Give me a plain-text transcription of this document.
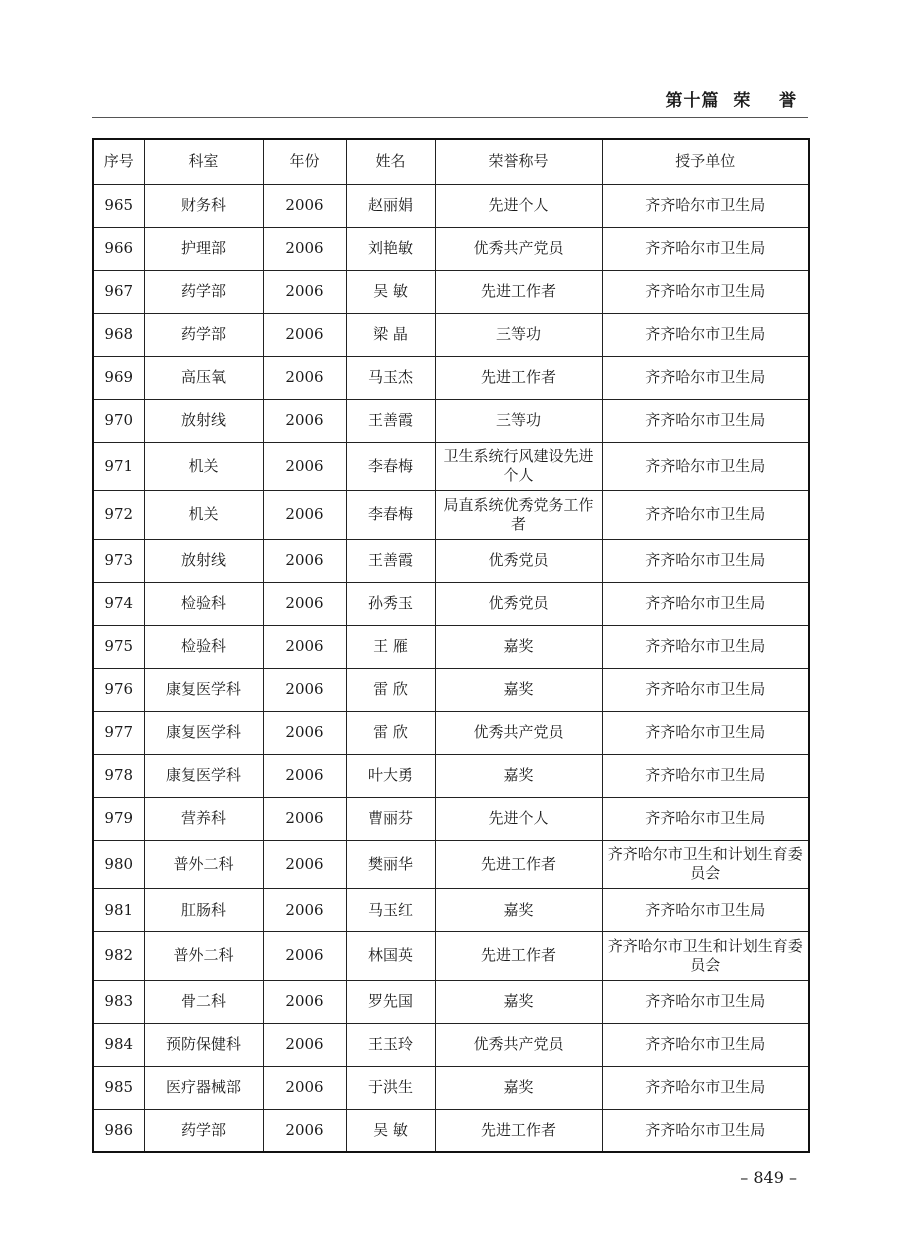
第十篇  荣    誉
序号	科室	年份	姓名	荣誉称号	授予单位
965	财务科	2006	赵丽娟	先进个人	齐齐哈尔市卫生局
966	护理部	2006	刘艳敏	优秀共产党员	齐齐哈尔市卫生局
967	药学部	2006	吴 敏	先进工作者	齐齐哈尔市卫生局
968	药学部	2006	梁 晶	三等功	齐齐哈尔市卫生局
969	高压氧	2006	马玉杰	先进工作者	齐齐哈尔市卫生局
970	放射线	2006	王善霞	三等功	齐齐哈尔市卫生局
971	机关	2006	李春梅	卫生系统行风建设先进个人	齐齐哈尔市卫生局
972	机关	2006	李春梅	局直系统优秀党务工作者	齐齐哈尔市卫生局
973	放射线	2006	王善霞	优秀党员	齐齐哈尔市卫生局
974	检验科	2006	孙秀玉	优秀党员	齐齐哈尔市卫生局
975	检验科	2006	王 雁	嘉奖	齐齐哈尔市卫生局
976	康复医学科	2006	雷 欣	嘉奖	齐齐哈尔市卫生局
977	康复医学科	2006	雷 欣	优秀共产党员	齐齐哈尔市卫生局
978	康复医学科	2006	叶大勇	嘉奖	齐齐哈尔市卫生局
979	营养科	2006	曹丽芬	先进个人	齐齐哈尔市卫生局
980	普外二科	2006	樊丽华	先进工作者	齐齐哈尔市卫生和计划生育委员会
981	肛肠科	2006	马玉红	嘉奖	齐齐哈尔市卫生局
982	普外二科	2006	林国英	先进工作者	齐齐哈尔市卫生和计划生育委员会
983	骨二科	2006	罗先国	嘉奖	齐齐哈尔市卫生局
984	预防保健科	2006	王玉玲	优秀共产党员	齐齐哈尔市卫生局
985	医疗器械部	2006	于洪生	嘉奖	齐齐哈尔市卫生局
986	药学部	2006	吴 敏	先进工作者	齐齐哈尔市卫生局
– 849 –
